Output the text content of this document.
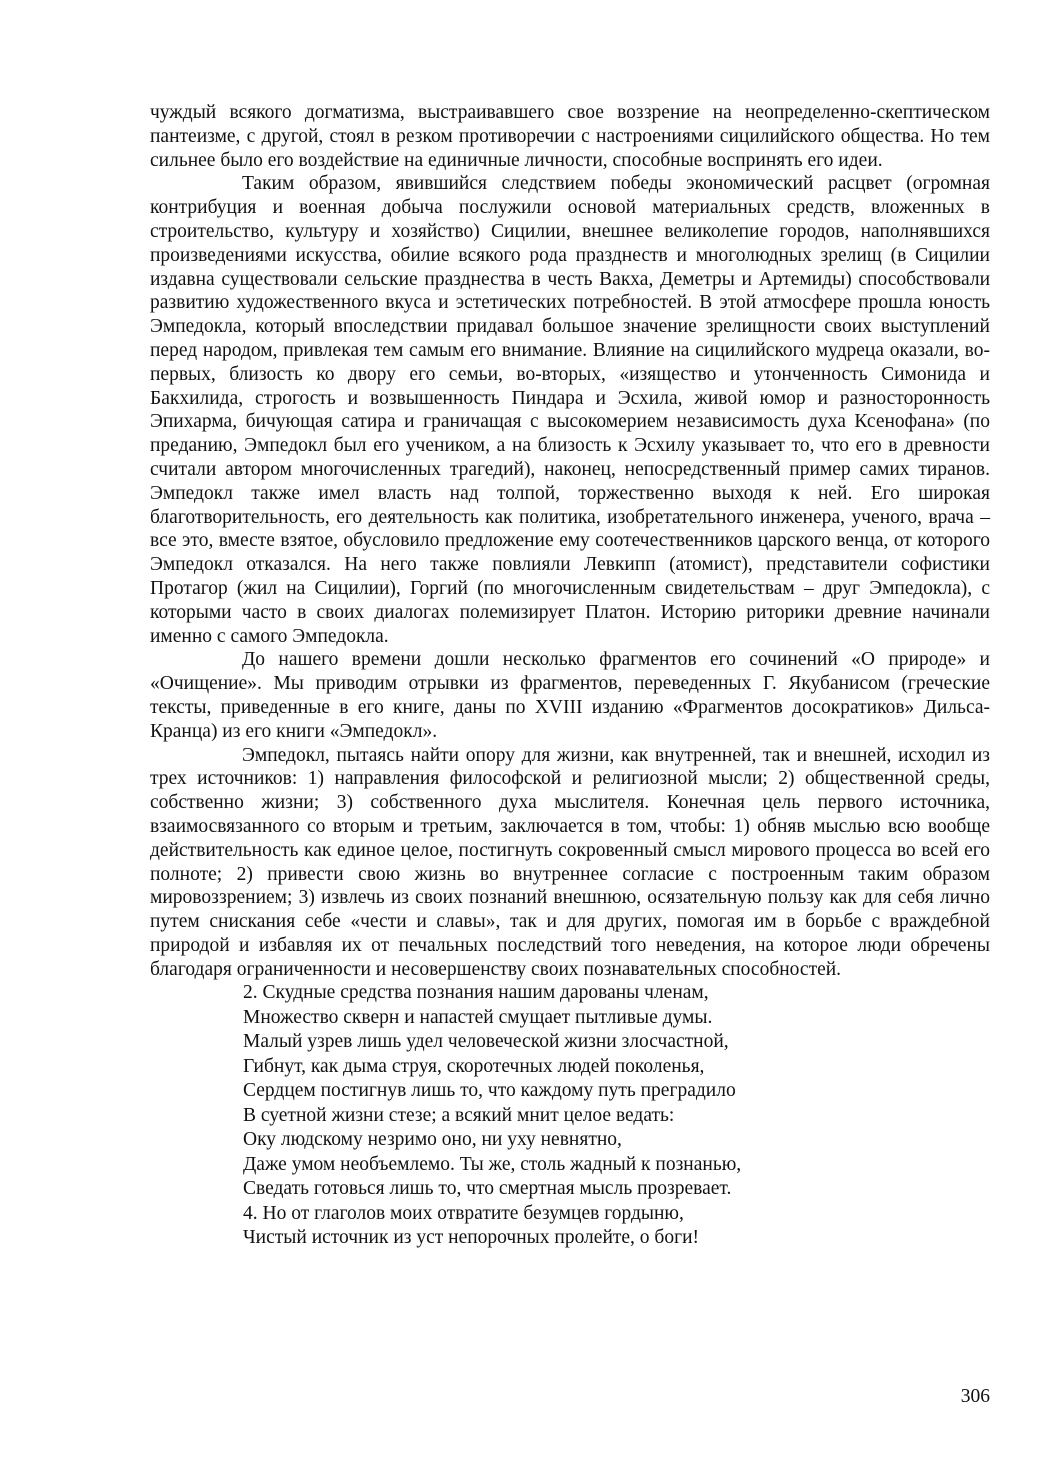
чуждый всякого догматизма, выстраивавшего свое воззрение на неопределенно-скептическом пантеизме, с другой, стоял в резком противоречии с настроениями сицилийского общества. Но тем сильнее было его воздействие на единичные личности, способные воспринять его идеи.

Таким образом, явившийся следствием победы экономический расцвет (огромная контрибуция и военная добыча послужили основой материальных средств, вложенных в строительство, культуру и хозяйство) Сицилии, внешнее великолепие городов, наполнявшихся произведениями искусства, обилие всякого рода празднеств и многолюдных зрелищ (в Сицилии издавна существовали сельские празднества в честь Вакха, Деметры и Артемиды) способствовали развитию художественного вкуса и эстетических потребностей. В этой атмосфере прошла юность Эмпедокла, который впоследствии придавал большое значение зрелищности своих выступлений перед народом, привлекая тем самым его внимание. Влияние на сицилийского мудреца оказали, во-первых, близость ко двору его семьи, во-вторых, «изящество и утонченность Симонида и Бакхилида, строгость и возвышенность Пиндара и Эсхила, живой юмор и разносторонность Эпихарма, бичующая сатира и граничащая с высокомерием независимость духа Ксенофана» (по преданию, Эмпедокл был его учеником, а на близость к Эсхилу указывает то, что его в древности считали автором многочисленных трагедий), наконец, непосредственный пример самих тиранов. Эмпедокл также имел власть над толпой, торжественно выходя к ней. Его широкая благотворительность, его деятельность как политика, изобретательного инженера, ученого, врача – все это, вместе взятое, обусловило предложение ему соотечественников царского венца, от которого Эмпедокл отказался. На него также повлияли Левкипп (атомист), представители софистики Протагор (жил на Сицилии), Горгий (по многочисленным свидетельствам – друг Эмпедокла), с которыми часто в своих диалогах полемизирует Платон. Историю риторики древние начинали именно с самого Эмпедокла.

До нашего времени дошли несколько фрагментов его сочинений «О природе» и «Очищение». Мы приводим отрывки из фрагментов, переведенных Г. Якубанисом (греческие тексты, приведенные в его книге, даны по XVIII изданию «Фрагментов досократиков» Дильса-Кранца) из его книги «Эмпедокл».

Эмпедокл, пытаясь найти опору для жизни, как внутренней, так и внешней, исходил из трех источников: 1) направления философской и религиозной мысли; 2) общественной среды, собственно жизни; 3) собственного духа мыслителя. Конечная цель первого источника, взаимосвязанного со вторым и третьим, заключается в том, чтобы: 1) обняв мыслью всю вообще действительность как единое целое, постигнуть сокровенный смысл мирового процесса во всей его полноте; 2) привести свою жизнь во внутреннее согласие с построенным таким образом мировоззрением; 3) извлечь из своих познаний внешнюю, осязательную пользу как для себя лично путем снискания себе «чести и славы», так и для других, помогая им в борьбе с враждебной природой и избавляя их от печальных последствий того неведения, на которое люди обречены благодаря ограниченности и несовершенству своих познавательных способностей.

2. Скудные средства познания нашим дарованы членам,
Множество скверн и напастей смущает пытливые думы.
Малый узрев лишь удел человеческой жизни злосчастной,
Гибнут, как дыма струя, скоротечных людей поколенья,
Сердцем постигнув лишь то, что каждому путь преградило
В суетной жизни стезе; а всякий мнит целое ведать:
Оку людскому незримо оно, ни уху невнятно,
Даже умом необъемлемо. Ты же, столь жадный к познанью,
Сведать готовься лишь то, что смертная мысль прозревает.
4. Но от глаголов моих отвратите безумцев гордыню,
Чистый источник из уст непорочных пролейте, о боги!
306
